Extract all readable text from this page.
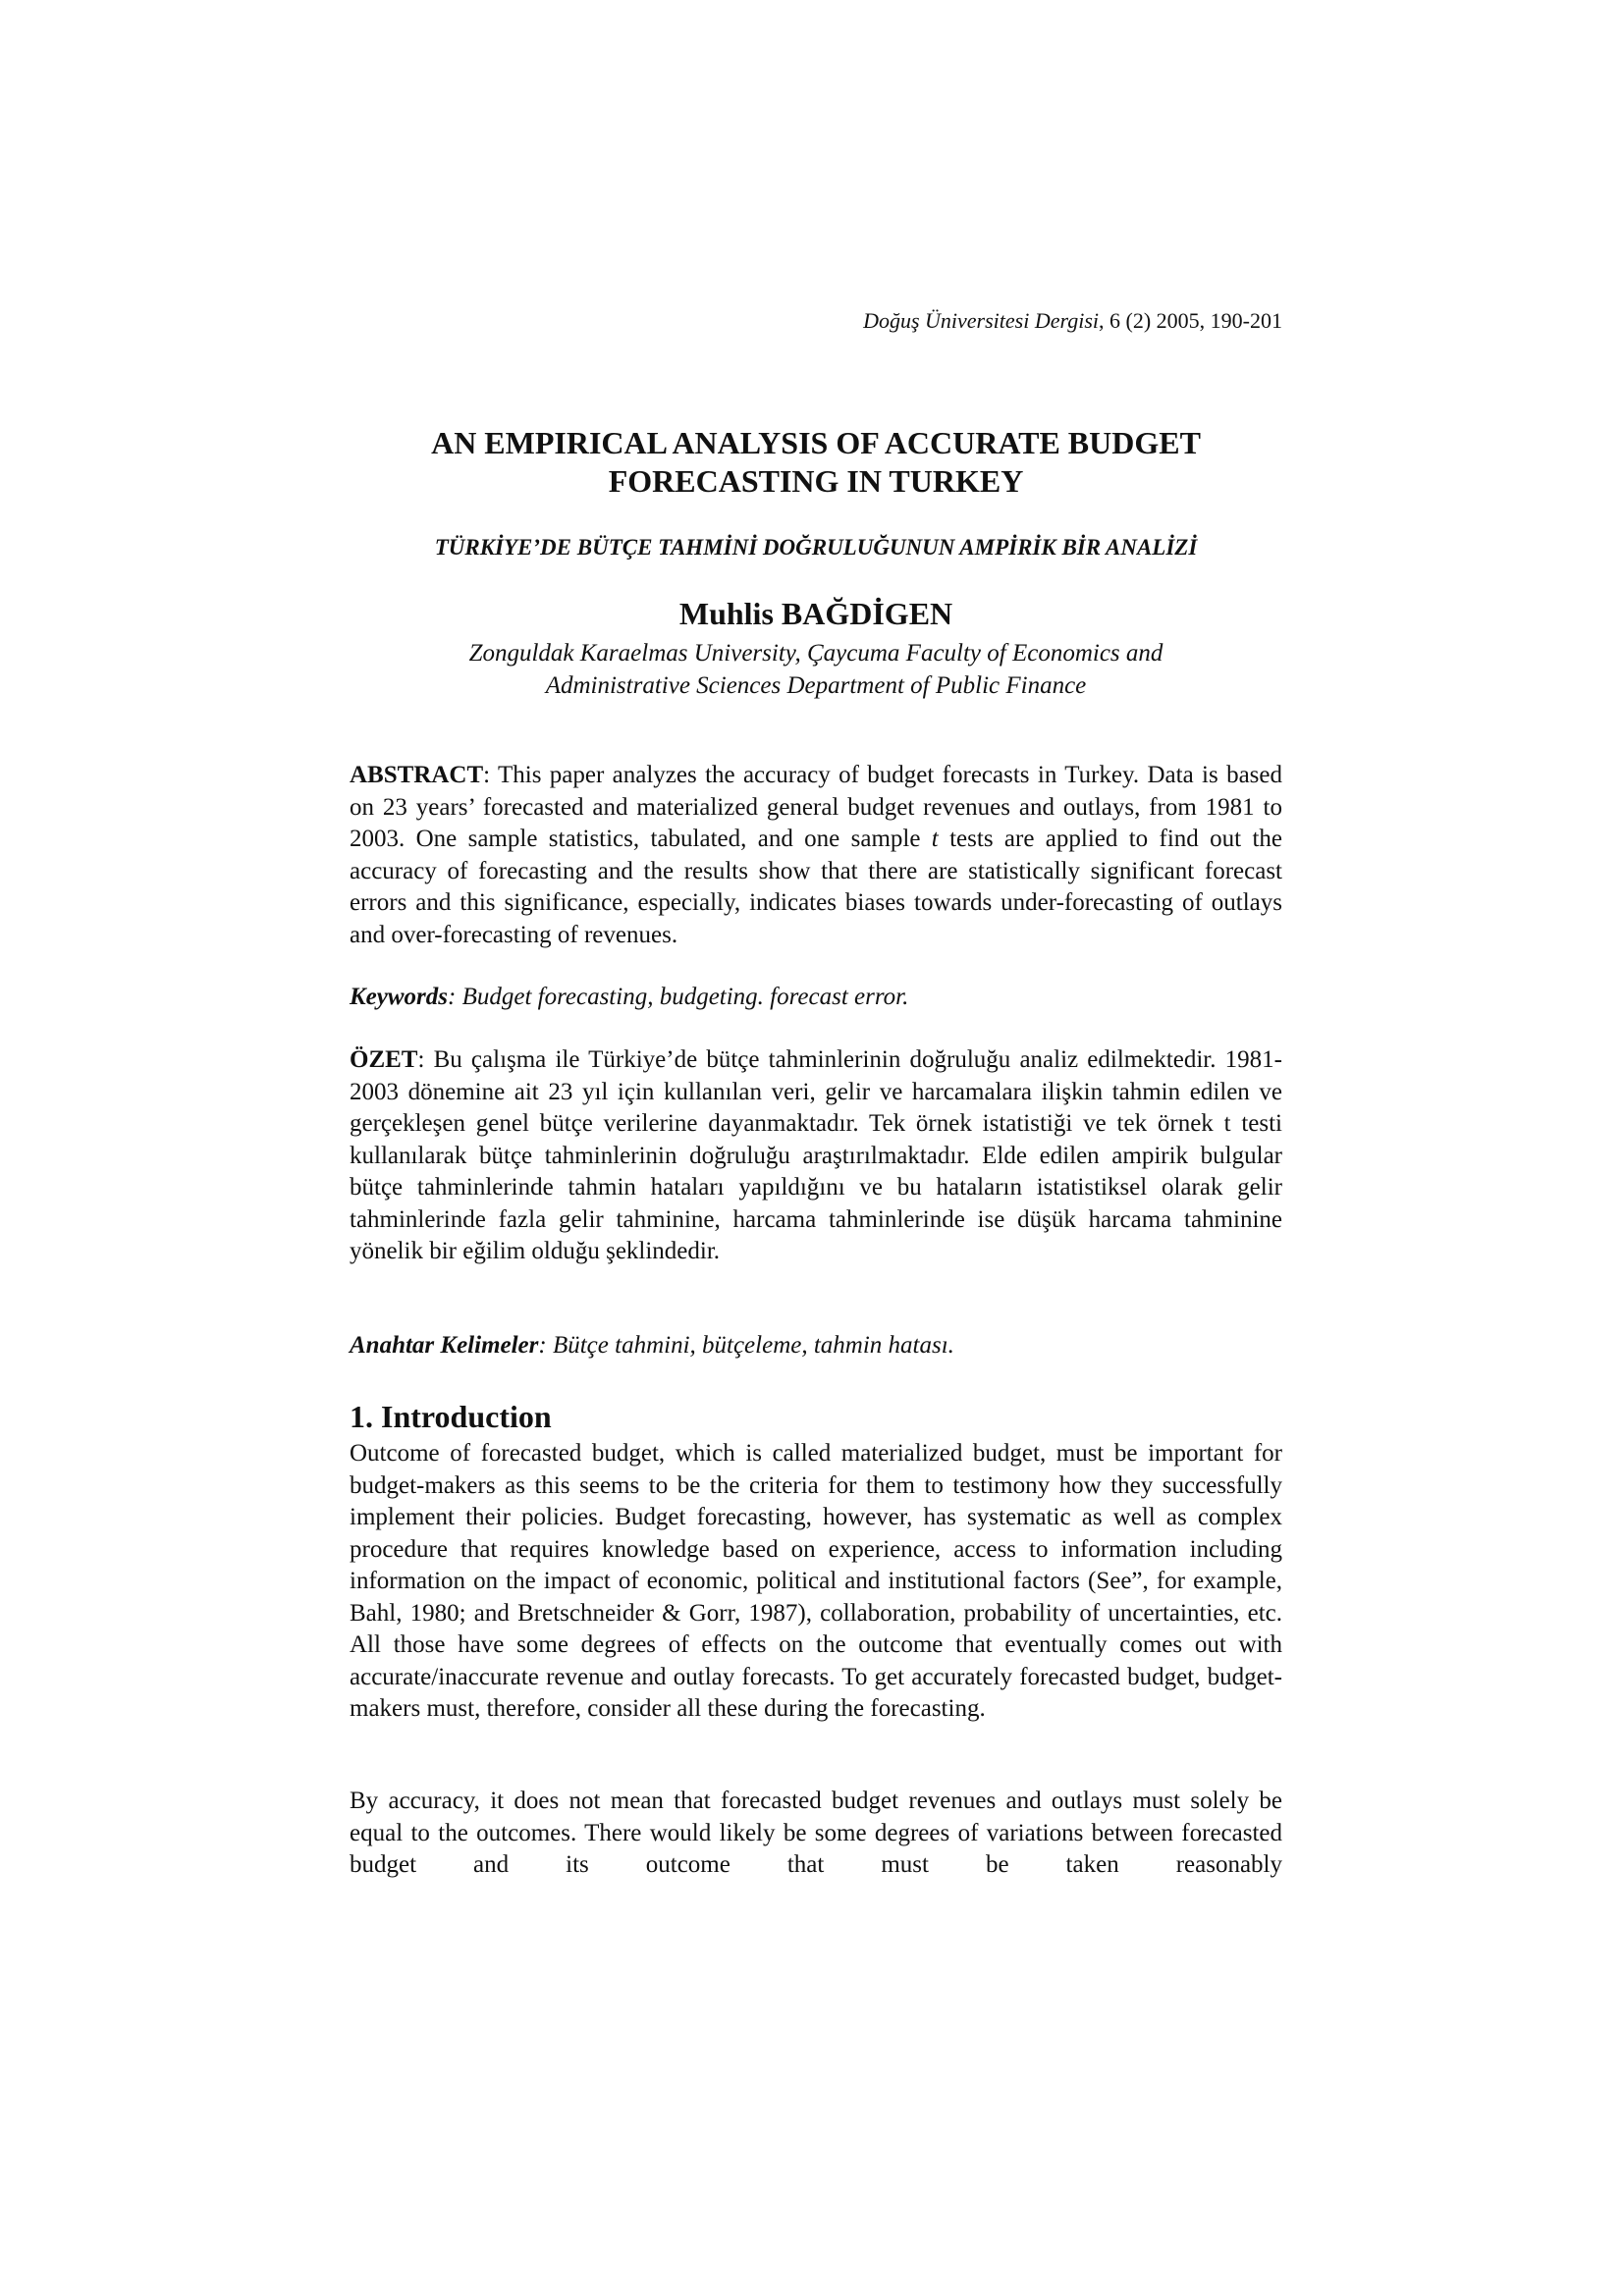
Doğuş Üniversitesi Dergisi, 6 (2) 2005, 190-201
AN EMPIRICAL ANALYSIS OF ACCURATE BUDGET
FORECASTING IN TURKEY
TÜRKİYE’DE BÜTÇE TAHMİNİ DOĞRULUĞUNUN AMPİRİK BİR ANALİZİ
Muhlis BAĞDİGEN
Zonguldak Karaelmas University, Çaycuma Faculty of Economics and
Administrative Sciences Department of Public Finance

ABSTRACT: This paper analyzes the accuracy of budget forecasts in Turkey. Data is based on 23 years’ forecasted and materialized general budget revenues and outlays, from 1981 to 2003. One sample statistics, tabulated, and one sample t tests are applied to find out the accuracy of forecasting and the results show that there are statistically significant forecast errors and this significance, especially, indicates biases towards under-forecasting of outlays and over-forecasting of revenues.

Keywords: Budget forecasting, budgeting. forecast error.

ÖZET: Bu çalışma ile Türkiye’de bütçe tahminlerinin doğruluğu analiz edilmektedir. 1981-2003 dönemine ait 23 yıl için kullanılan veri, gelir ve harcamalara ilişkin tahmin edilen ve gerçekleşen genel bütçe verilerine dayanmaktadır. Tek örnek istatistiği ve tek örnek t testi kullanılarak bütçe tahminlerinin doğruluğu araştırılmaktadır. Elde edilen ampirik bulgular bütçe tahminlerinde tahmin hataları yapıldığını ve bu hataların istatistiksel olarak gelir tahminlerinde fazla gelir tahminine, harcama tahminlerinde ise düşük harcama tahminine yönelik bir eğilim olduğu şeklindedir.

Anahtar Kelimeler: Bütçe tahmini, bütçeleme, tahmin hatası.

1. Introduction

Outcome of forecasted budget, which is called materialized budget, must be important for budget-makers as this seems to be the criteria for them to testimony how they successfully implement their policies. Budget forecasting, however, has systematic as well as complex procedure that requires knowledge based on experience, access to information including information on the impact of economic, political and institutional factors (See”, for example, Bahl, 1980; and Bretschneider & Gorr, 1987), collaboration, probability of uncertainties, etc. All those have some degrees of effects on the outcome that eventually comes out with accurate/inaccurate revenue and outlay forecasts. To get accurately forecasted budget, budget-makers must, therefore, consider all these during the forecasting.

By accuracy, it does not mean that forecasted budget revenues and outlays must solely be equal to the outcomes. There would likely be some degrees of variations between forecasted budget and its outcome that must be taken reasonably
